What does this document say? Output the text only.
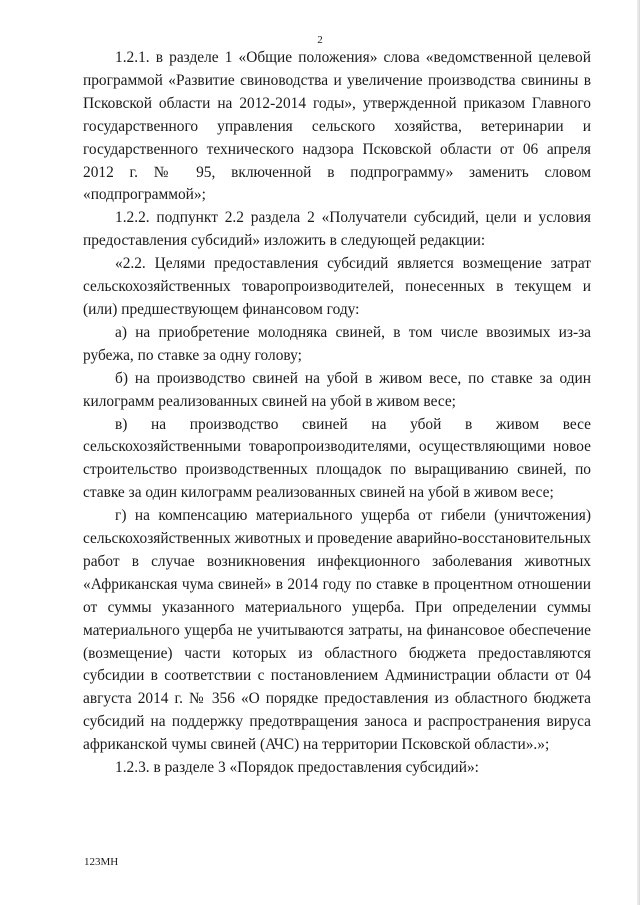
2

1.2.1. в разделе 1 «Общие положения» слова «ведомственной целевой программой «Развитие свиноводства и увеличение производства свинины в Псковской области на 2012-2014 годы», утвержденной приказом Главного государственного управления сельского хозяйства, ветеринарии и государственного технического надзора Псковской области от 06 апреля 2012 г. № 95, включенной в подпрограмму» заменить словом «подпрограммой»;

1.2.2. подпункт 2.2 раздела 2 «Получатели субсидий, цели и условия предоставления субсидий» изложить в следующей редакции:

«2.2. Целями предоставления субсидий является возмещение затрат сельскохозяйственных товаропроизводителей, понесенных в текущем и (или) предшествующем финансовом году:

а) на приобретение молодняка свиней, в том числе ввозимых из-за рубежа, по ставке за одну голову;

б) на производство свиней на убой в живом весе, по ставке за один килограмм реализованных свиней на убой в живом весе;

в) на производство свиней на убой в живом весе сельскохозяйственными товаропроизводителями, осуществляющими новое строительство производственных площадок по выращиванию свиней, по ставке за один килограмм реализованных свиней на убой в живом весе;

г) на компенсацию материального ущерба от гибели (уничтожения) сельскохозяйственных животных и проведение аварийно-восстановительных работ в случае возникновения инфекционного заболевания животных «Африканская чума свиней» в 2014 году по ставке в процентном отношении от суммы указанного материального ущерба. При определении суммы материального ущерба не учитываются затраты, на финансовое обеспечение (возмещение) части которых из областного бюджета предоставляются субсидии в соответствии с постановлением Администрации области от 04 августа 2014 г. № 356 «О порядке предоставления из областного бюджета субсидий на поддержку предотвращения заноса и распространения вируса африканской чумы свиней (АЧС) на территории Псковской области».»;

1.2.3. в разделе 3 «Порядок предоставления субсидий»:

123МН
